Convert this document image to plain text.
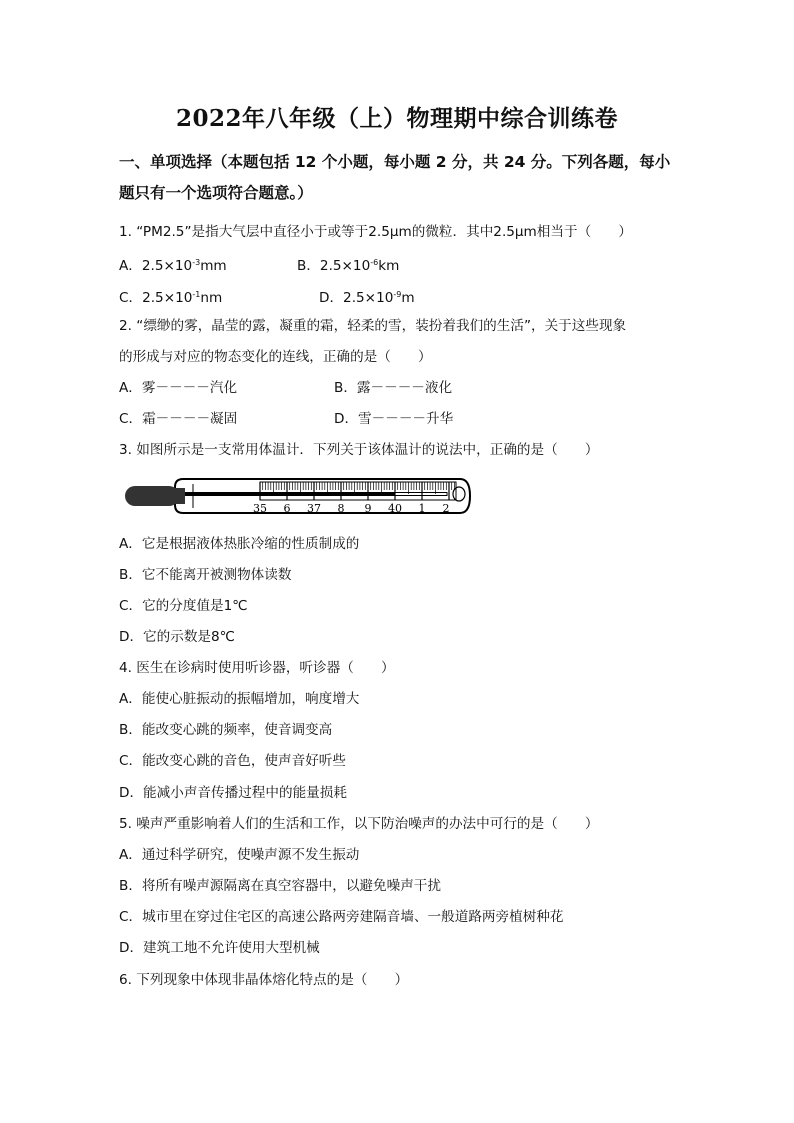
2022年八年级（上）物理期中综合训练卷
一、单项选择（本题包括 12 个小题，每小题 2 分，共 24 分。下列各题，每小
题只有一个选项符合题意。）
1. “PM2.5”是指大气层中直径小于或等于2.5μm的微粒．其中2.5μm相当于（　　）
A．$2.5\times 10^{-3}mm$	B．$2.5\times 10^{-6}km$
C．$2.5\times 10^{-1}nm$	D．$2.5\times 10^{-9}m$
2. “缥缈的雾，晶莹的露，凝重的霜，轻柔的雪，装扮着我们的生活”，关于这些现象
的形成与对应的物态变化的连线，正确的是（　　）
A．雾－－－－汽化	B．露－－－－液化
C．霜－－－－凝固	D．雪－－－－升华
3. 如图所示是一支常用体温计．下列关于该体温计的说法中，正确的是（　　）
35 6 37 8 9 40 1 2
A．它是根据液体热胀冷缩的性质制成的
B．它不能离开被测物体读数
C．它的分度值是1℃
D．它的示数是8℃
4. 医生在诊病时使用听诊器，听诊器（　　）
A．能使心脏振动的振幅增加，响度增大
B．能改变心跳的频率，使音调变高
C．能改变心跳的音色，使声音好听些
D．能减小声音传播过程中的能量损耗
5. 噪声严重影响着人们的生活和工作，以下防治噪声的办法中可行的是（　　）
A．通过科学研究，使噪声源不发生振动
B．将所有噪声源隔离在真空容器中，以避免噪声干扰
C．城市里在穿过住宅区的高速公路两旁建隔音墙、一般道路两旁植树种花
D．建筑工地不允许使用大型机械
6. 下列现象中体现非晶体熔化特点的是（　　）
